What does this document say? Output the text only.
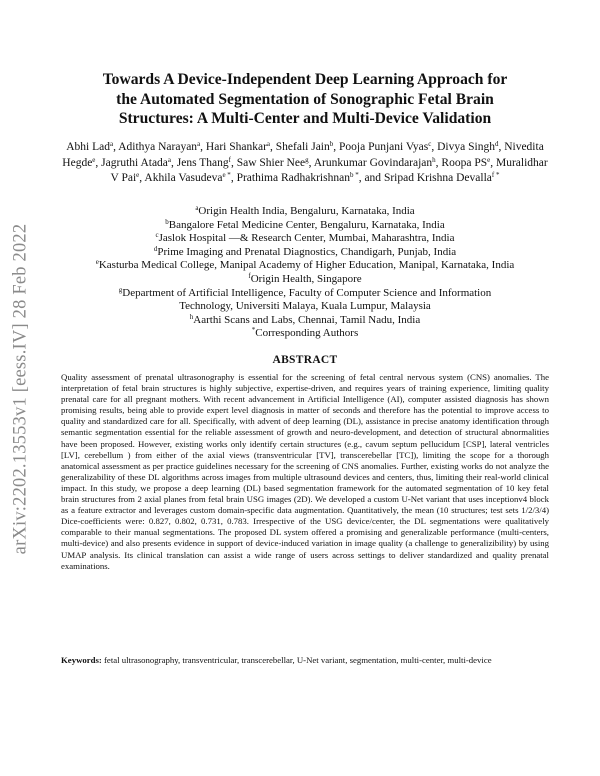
arXiv:2202.13553v1 [eess.IV] 28 Feb 2022
Towards A Device-Independent Deep Learning Approach for
the Automated Segmentation of Sonographic Fetal Brain
Structures: A Multi-Center and Multi-Device Validation
Abhi Lad$^a$, Adithya Narayan$^a$, Hari Shankar$^a$, Shefali Jain$^b$, Pooja Punjani Vyas$^c$, Divya Singh$^d$, Nivedita Hegde$^e$, Jagruthi Atada$^a$, Jens Thang$^f$, Saw Shier Nee$^g$, Arunkumar Govindarajan$^h$, Roopa $PS^e$, Muralidhar V Pai$^e$, Akhila Vasudeva$^{e *}$, Prathima Radhakrishnan$^{b *}$, and Sripad Krishna Devalla$^{f *}$
$^a$Origin Health India, Bengaluru, Karnataka, India
$^b$Bangalore Fetal Medicine Center, Bengaluru, Karnataka, India
$^c$Jaslok Hospital —& Research Center, Mumbai, Maharashtra, India
$^d$Prime Imaging and Prenatal Diagnostics, Chandigarh, Punjab, India
$^e$Kasturba Medical College, Manipal Academy of Higher Education, Manipal, Karnataka, India
$^f$Origin Health, Singapore
$^g$Department of Artificial Intelligence, Faculty of Computer Science and Information
Technology, Universiti Malaya, Kuala Lumpur, Malaysia
$^h$Aarthi Scans and Labs, Chennai, Tamil Nadu, India
*Corresponding Authors
ABSTRACT
Quality assessment of prenatal ultrasonography is essential for the screening of fetal central nervous system (CNS) anomalies. The interpretation of fetal brain structures is highly subjective, expertise-driven, and requires years of training experience, limiting quality prenatal care for all pregnant mothers. With recent advancement in Artificial Intelligence (AI), computer assisted diagnosis has shown promising results, being able to provide expert level diagnosis in matter of seconds and therefore has the potential to improve access to quality and standardized care for all. Specifically, with advent of deep learning (DL), assistance in precise anatomy identification through semantic segmentation essential for the reliable assessment of growth and neuro-development, and detection of structural abnormalities have been proposed. However, existing works only identify certain structures (e.g., cavum septum pellucidum [CSP], lateral ventricles [LV], cerebellum ) from either of the axial views (transventricular [TV], transcerebellar [TC]), limiting the scope for a thorough anatomical assessment as per practice guidelines necessary for the screening of CNS anomalies. Further, existing works do not analyze the generalizability of these DL algorithms across images from multiple ultrasound devices and centers, thus, limiting their real-world clinical impact. In this study, we propose a deep learning (DL) based segmentation framework for the automated segmentation of 10 key fetal brain structures from 2 axial planes from fetal brain USG images (2D). We developed a custom U-Net variant that uses inceptionv4 block as a feature extractor and leverages custom domain-specific data augmentation. Quantitatively, the mean (10 structures; test sets 1/2/3/4) Dice-coefficients were: 0.827, 0.802, 0.731, 0.783. Irrespective of the USG device/center, the DL segmentations were qualitatively comparable to their manual segmentations. The proposed DL system offered a promising and generalizable performance (multi-centers, multi-device) and also presents evidence in support of device-induced variation in image quality (a challenge to generalizibility) by using UMAP analysis. Its clinical translation can assist a wide range of users across settings to deliver standardized and quality prenatal examinations.
Keywords: fetal ultrasonography, transventricular, transcerebellar, U-Net variant, segmentation, multi-center, multi-device
